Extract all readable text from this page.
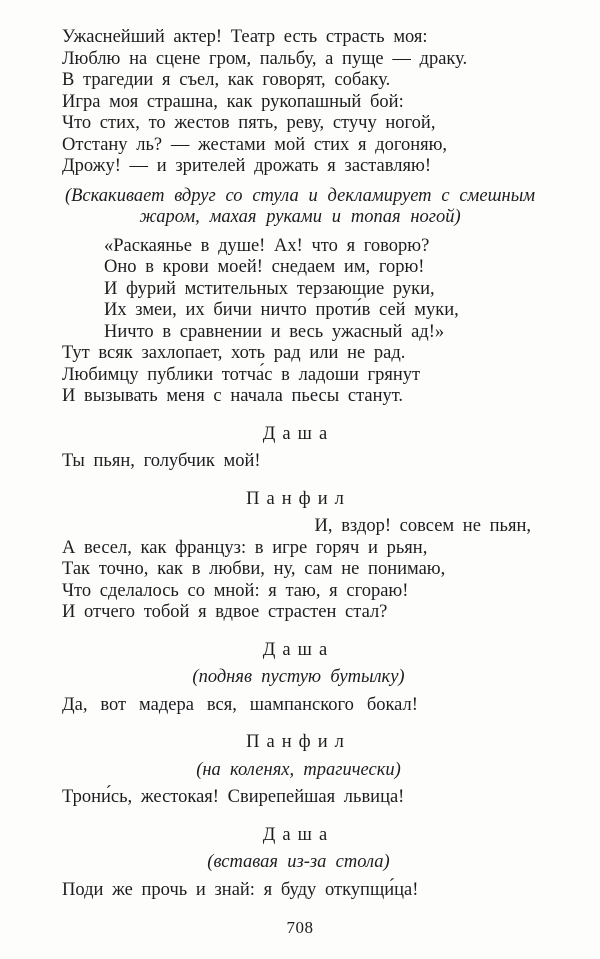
Ужаснейший актер! Театр есть страсть моя:
Люблю на сцене гром, пальбу, а пуще — драку.
В трагедии я съел, как говорят, собаку.
Игра моя страшна, как рукопашный бой:
Что стих, то жестов пять, реву, стучу ногой,
Отстану ль? — жестами мой стих я догоняю,
Дрожу! — и зрителей дрожать я заставляю!
(Вскакивает вдруг со стула и декламирует с смешным жаром, махая руками и топая ногой)
«Раскаянье в душе! Ах! что я говорю?
Оно в крови моей! снедаем им, горю!
И фурий мстительных терзающие руки,
Их змеи, их бичи ничто проти́в сей муки,
Ничто в сравнении и весь ужасный ад!»
Тут всяк захлопает, хоть рад или не рад.
Любимцу публики тотча́с в ладоши грянут
И вызывать меня с начала пьесы станут.
Даша
Ты пьян, голубчик мой!
Панфил
И, вздор! совсем не пьян,
А весел, как француз: в игре горяч и рьян,
Так точно, как в любви, ну, сам не понимаю,
Что сделалось со мной: я таю, я сгораю!
И отчего тобой я вдвое страстен стал?
Даша
(подняв пустую бутылку)
Да, вот мадера вся, шампанского бокал!
Панфил
(на коленях, трагически)
Трони́сь, жестокая! Свирепейшая львица!
Даша
(вставая из-за стола)
Поди же прочь и знай: я буду откупщи́ца!
708
